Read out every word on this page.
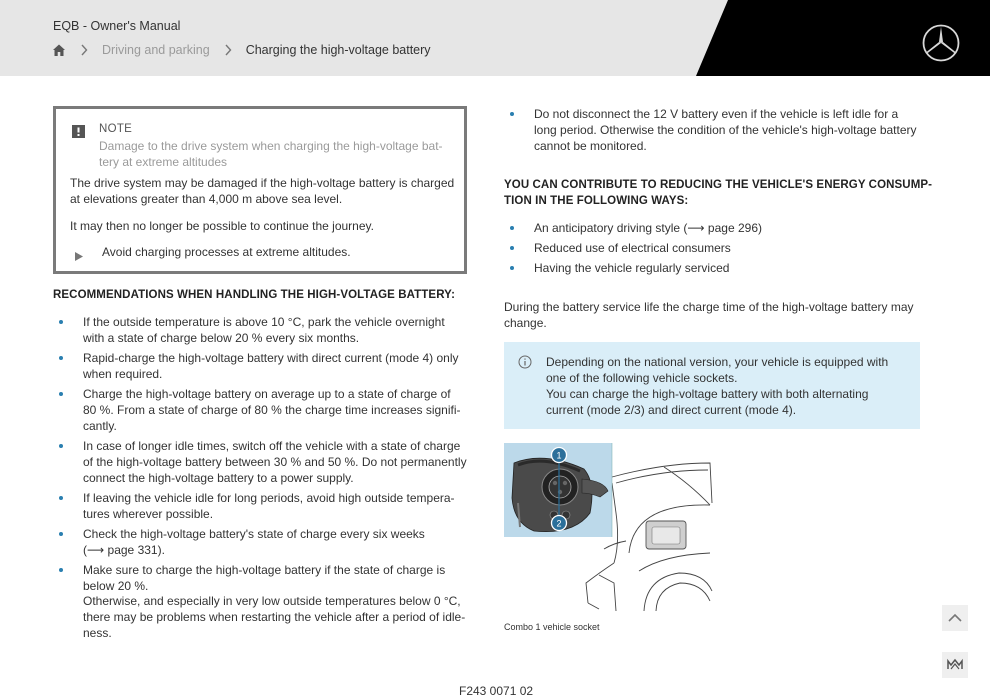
EQB - Owner's Manual
Driving and parking	Charging the high-voltage battery
NOTE
Damage to the drive system when charging the high-voltage bat-
tery at extreme altitudes
The drive system may be damaged if the high-voltage battery is charged
at elevations greater than 4,000 m above sea level.
It may then no longer be possible to continue the journey.
Avoid charging processes at extreme altitudes.
RECOMMENDATIONS WHEN HANDLING THE HIGH-VOLTAGE BATTERY:
If the outside temperature is above 10 °C, park the vehicle overnight
with a state of charge below 20 % every six months.
Rapid-charge the high-voltage battery with direct current (mode 4) only
when required.
Charge the high-voltage battery on average up to a state of charge of
80 %. From a state of charge of 80 % the charge time increases signifi-
cantly.
In case of longer idle times, switch off the vehicle with a state of charge
of the high-voltage battery between 30 % and 50 %. Do not permanently
connect the high-voltage battery to a power supply.
If leaving the vehicle idle for long periods, avoid high outside tempera-
tures wherever possible.
Check the high-voltage battery's state of charge every six weeks
(⟶ page 331).
Make sure to charge the high-voltage battery if the state of charge is
below 20 %.
Otherwise, and especially in very low outside temperatures below 0 °C,
there may be problems when restarting the vehicle after a period of idle-
ness.
Do not disconnect the 12 V battery even if the vehicle is left idle for a
long period. Otherwise the condition of the vehicle's high-voltage battery
cannot be monitored.
YOU CAN CONTRIBUTE TO REDUCING THE VEHICLE'S ENERGY CONSUMP-
TION IN THE FOLLOWING WAYS:
An anticipatory driving style (⟶ page 296)
Reduced use of electrical consumers
Having the vehicle regularly serviced
During the battery service life the charge time of the high-voltage battery may
change.
Depending on the national version, your vehicle is equipped with
one of the following vehicle sockets.
You can charge the high-voltage battery with both alternating
current (mode 2/3) and direct current (mode 4).
1
2
Combo 1 vehicle socket
F243 0071 02
